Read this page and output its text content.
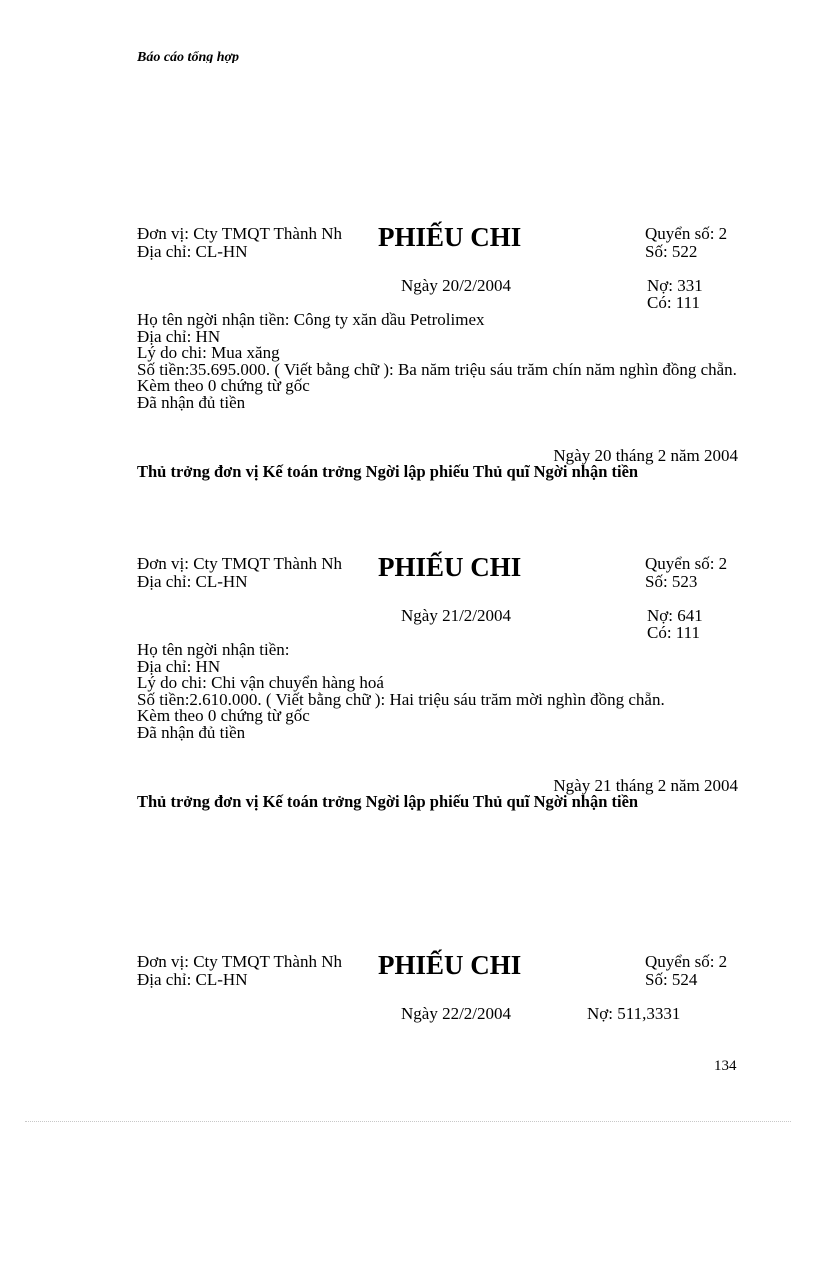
Báo cáo tổng hợp
Đơn vị: Cty TMQT Thành Nh
Địa chỉ: CL-HN	PHIẾU CHI	Quyển số: 2
Số: 522
Ngày 20/2/2004	Nợ: 331
Có: 111
Họ tên ngời nhận tiền: Công ty xăn dầu Petrolimex
Địa chỉ: HN
Lý do chi: Mua xăng
Số tiền:35.695.000. ( Viết bằng chữ ): Ba năm triệu sáu trăm chín năm nghìn đồng chẵn.
Kèm theo 0 chứng từ gốc
Đã nhận đủ tiền
Ngày 20 tháng 2 năm 2004
Thủ trởng đơn vị Kế toán trởng Ngời lập phiếu Thủ quĩ Ngời nhận tiền
Đơn vị: Cty TMQT Thành Nh
Địa chỉ: CL-HN	PHIẾU CHI	Quyển số: 2
Số: 523
Ngày 21/2/2004	Nợ: 641
Có: 111
Họ tên ngời nhận tiền:
Địa chỉ: HN
Lý do chi: Chi vận chuyển hàng hoá
Số tiền:2.610.000. ( Viết bằng chữ ): Hai triệu sáu trăm mời nghìn đồng chẵn.
Kèm theo 0 chứng từ gốc
Đã nhận đủ tiền
Ngày 21 tháng 2 năm 2004
Thủ trởng đơn vị Kế toán trởng Ngời lập phiếu Thủ quĩ Ngời nhận tiền
Đơn vị: Cty TMQT Thành Nh
Địa chỉ: CL-HN	PHIẾU CHI	Quyển số: 2
Số: 524
Ngày 22/2/2004	Nợ: 511,3331
134
